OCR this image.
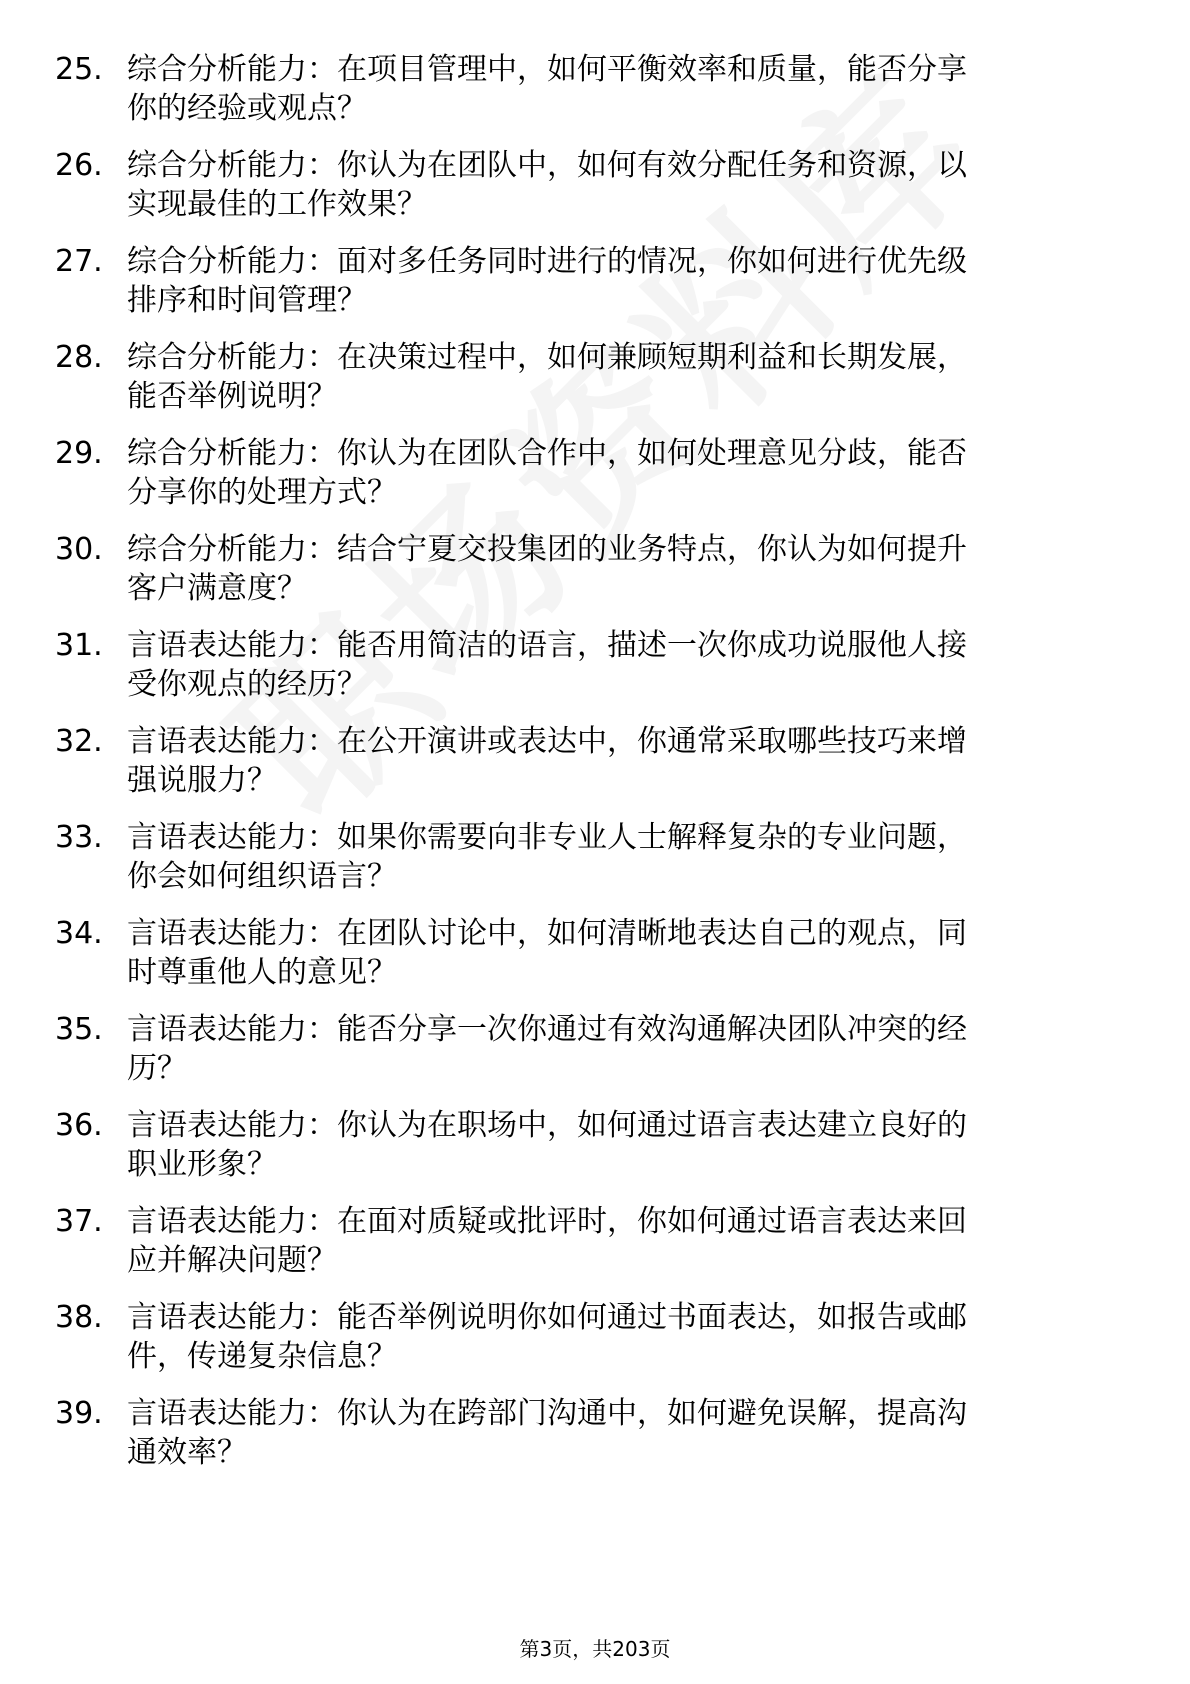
25. 综合分析能力：在项目管理中，如何平衡效率和质量，能否分享
你的经验或观点？
26. 综合分析能力：你认为在团队中，如何有效分配任务和资源，以
实现最佳的工作效果？
27. 综合分析能力：面对多任务同时进行的情况，你如何进行优先级
排序和时间管理？
28. 综合分析能力：在决策过程中，如何兼顾短期利益和长期发展，
能否举例说明？
29. 综合分析能力：你认为在团队合作中，如何处理意见分歧，能否
分享你的处理方式？
30. 综合分析能力：结合宁夏交投集团的业务特点，你认为如何提升
客户满意度？
31. 言语表达能力：能否用简洁的语言，描述一次你成功说服他人接
受你观点的经历？
32. 言语表达能力：在公开演讲或表达中，你通常采取哪些技巧来增
强说服力？
33. 言语表达能力：如果你需要向非专业人士解释复杂的专业问题，
你会如何组织语言？
34. 言语表达能力：在团队讨论中，如何清晰地表达自己的观点，同
时尊重他人的意见？
35. 言语表达能力：能否分享一次你通过有效沟通解决团队冲突的经
历？
36. 言语表达能力：你认为在职场中，如何通过语言表达建立良好的
职业形象？
37. 言语表达能力：在面对质疑或批评时，你如何通过语言表达来回
应并解决问题？
38. 言语表达能力：能否举例说明你如何通过书面表达，如报告或邮
件，传递复杂信息？
39. 言语表达能力：你认为在跨部门沟通中，如何避免误解，提高沟
通效率？
第3页，共203页
